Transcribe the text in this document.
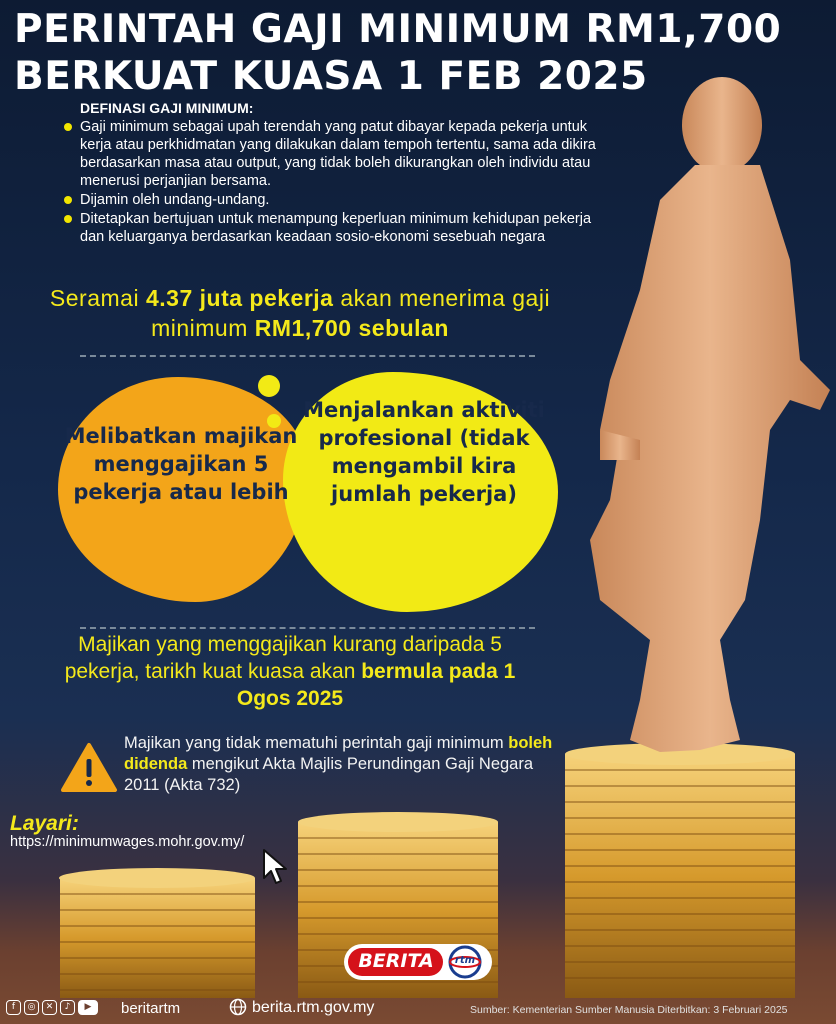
PERINTAH GAJI MINIMUM RM1,700
BERKUAT KUASA 1 FEB 2025
DEFINASI GAJI MINIMUM:
Gaji minimum sebagai upah terendah yang patut dibayar kepada pekerja untuk kerja atau perkhidmatan yang dilakukan dalam tempoh tertentu, sama ada dikira berdasarkan masa atau output, yang tidak boleh dikurangkan oleh individu atau menerusi perjanjian bersama.
Dijamin oleh undang-undang.
Ditetapkan bertujuan untuk menampung keperluan minimum kehidupan pekerja dan keluarganya berdasarkan keadaan sosio-ekonomi sesebuah negara
Seramai 4.37 juta pekerja akan menerima gaji minimum RM1,700 sebulan
Melibatkan majikan menggajikan 5 pekerja atau lebih
Menjalankan aktiviti profesional (tidak mengambil kira jumlah pekerja)
Majikan yang menggajikan kurang daripada 5 pekerja, tarikh kuat kuasa akan bermula pada 1 Ogos 2025
Majikan yang tidak mematuhi perintah gaji minimum boleh didenda mengikut Akta Majlis Perundingan Gaji Negara 2011 (Akta 732)
Layari:
https://minimumwages.mohr.gov.my/
BERITA	rtm
f	◎	✕	♪	▶	beritartm	berita.rtm.gov.my	Sumber: Kementerian Sumber Manusia Diterbitkan: 3 Februari 2025
